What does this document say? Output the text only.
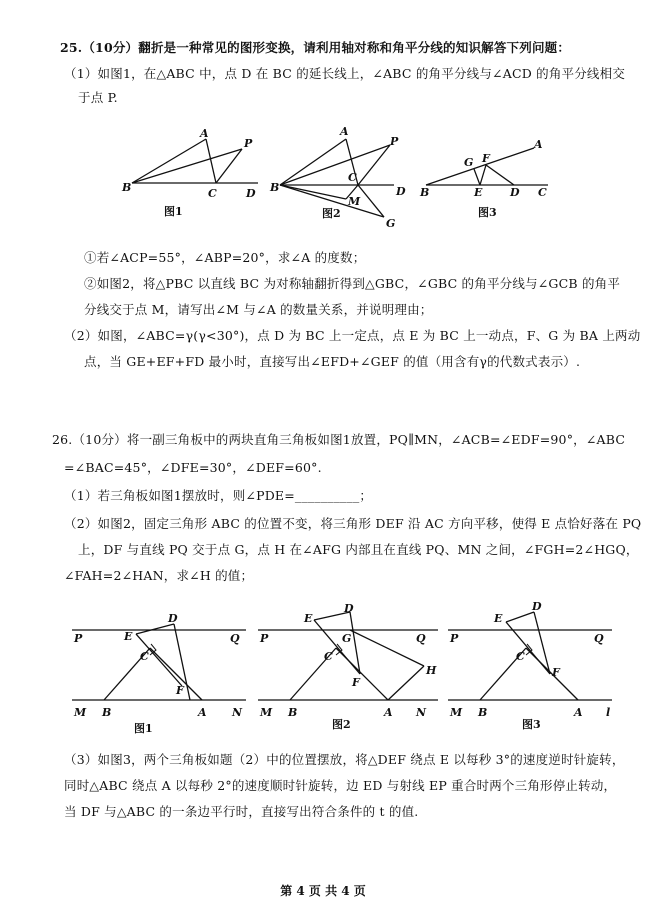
25.（10分）翻折是一种常见的图形变换，请利用轴对称和角平分线的知识解答下列问题：
（1）如图1，在△ABC 中，点 D 在 BC 的延长线上，∠ABC 的角平分线与∠ACD 的角平分线相交
于点 P.
A
P
B	C	D
图1
A
P
B
C
D
M
G
图2
G F
A
B	E	D C
图3
①若∠ACP=55°，∠ABP=20°，求∠A 的度数；
②如图2，将△PBC 以直线 BC 为对称轴翻折得到△GBC，∠GBC 的角平分线与∠GCB 的角平
分线交于点 M，请写出∠M 与∠A 的数量关系，并说明理由；
（2）如图，∠ABC=γ(γ<30°)，点 D 为 BC 上一定点，点 E 为 BC 上一动点，F、G 为 BA 上两动
点，当 GE+EF+FD 最小时，直接写出∠EFD+∠GEF 的值（用含有γ的代数式表示）.
26.（10分）将一副三角板中的两块直角三角板如图1放置，PQ∥MN，∠ACB=∠EDF=90°，∠ABC
=∠BAC=45°，∠DFE=30°，∠DEF=60°.
（1）若三角板如图1摆放时，则∠PDE=__________；
（2）如图2，固定三角形 ABC 的位置不变，将三角形 DEF 沿 AC 方向平移，使得 E 点恰好落在 PQ
上，DF 与直线 PQ 交于点 G，点 H 在∠AFG 内部且在直线 PQ、MN 之间，∠FGH=2∠HGQ，
∠FAH=2∠HAN，求∠H 的值；
P	Q
D
E
C
F
M B	A N
图1
P	Q
D
E
G
C
F
H
M B	A N
图2
P	Q
D
E
C
F
M B	A l
图3
（3）如图3，两个三角板如题（2）中的位置摆放，将△DEF 绕点 E 以每秒 3°的速度逆时针旋转，
同时△ABC 绕点 A 以每秒 2°的速度顺时针旋转，边 ED 与射线 EP 重合时两个三角形停止转动，
当 DF 与△ABC 的一条边平行时，直接写出符合条件的 t 的值.
第 4 页 共 4 页
